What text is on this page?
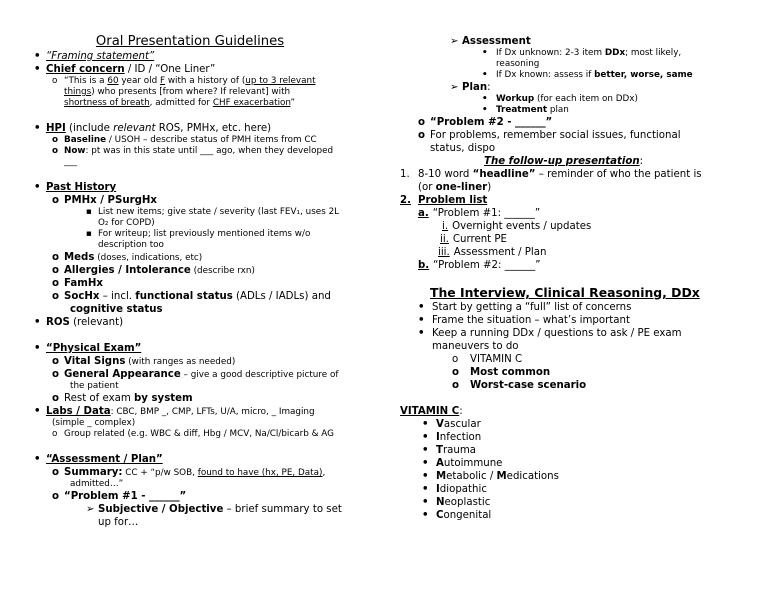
Oral Presentation Guidelines
• “Framing statement”
• Chief concern / ID / “One Liner”
o “This is a 60 year old F with a history of (up to 3 relevant
things) who presents [from where? If relevant] with
shortness of breath, admitted for CHF exacerbation”
• HPI (include relevant ROS, PMHx, etc. here)
o Baseline / USOH – describe status of PMH items from CC
o Now: pt was in this state until ___ ago, when they developed
___
• Past History
o PMHx / PSurgHx
▪ List new items; give state / severity (last FEV₁, uses 2L
O₂ for COPD)
▪ For writeup; list previously mentioned items w/o
description too
o Meds (doses, indications, etc)
o Allergies / Intolerance (describe rxn)
o FamHx
o SocHx – incl. functional status (ADLs / IADLs) and
cognitive status
• ROS (relevant)
• “Physical Exam”
o Vital Signs (with ranges as needed)
o General Appearance – give a good descriptive picture of
the patient
o Rest of exam by system
• Labs / Data: CBC, BMP _, CMP, LFTs, U/A, micro, _ Imaging
(simple _ complex)
o Group related (e.g. WBC & diff, Hbg / MCV, Na/Cl/bicarb & AG
• “Assessment / Plan”
o Summary: CC + “p/w SOB, found to have (hx, PE, Data),
admitted…”
o “Problem #1 - ______”
➢ Subjective / Objective – brief summary to set
up for…
➢ Assessment
• If Dx unknown: 2-3 item DDx; most likely,
reasoning
• If Dx known: assess if better, worse, same
➢ Plan:
• Workup (for each item on DDx)
• Treatment plan
o “Problem #2 - ______”
o For problems, remember social issues, functional
status, dispo
The follow-up presentation:
1. 8-10 word “headline” – reminder of who the patient is
(or one-liner)
2. Problem list
a. “Problem #1: ______”
i. Overnight events / updates
ii. Current PE
iii. Assessment / Plan
b. “Problem #2: ______”
The Interview, Clinical Reasoning, DDx
• Start by getting a “full” list of concerns
• Frame the situation – what’s important
• Keep a running DDx / questions to ask / PE exam
maneuvers to do
o VITAMIN C
o Most common
o Worst-case scenario
VITAMIN C:
• Vascular
• Infection
• Trauma
• Autoimmune
• Metabolic / Medications
• Idiopathic
• Neoplastic
• Congenital
